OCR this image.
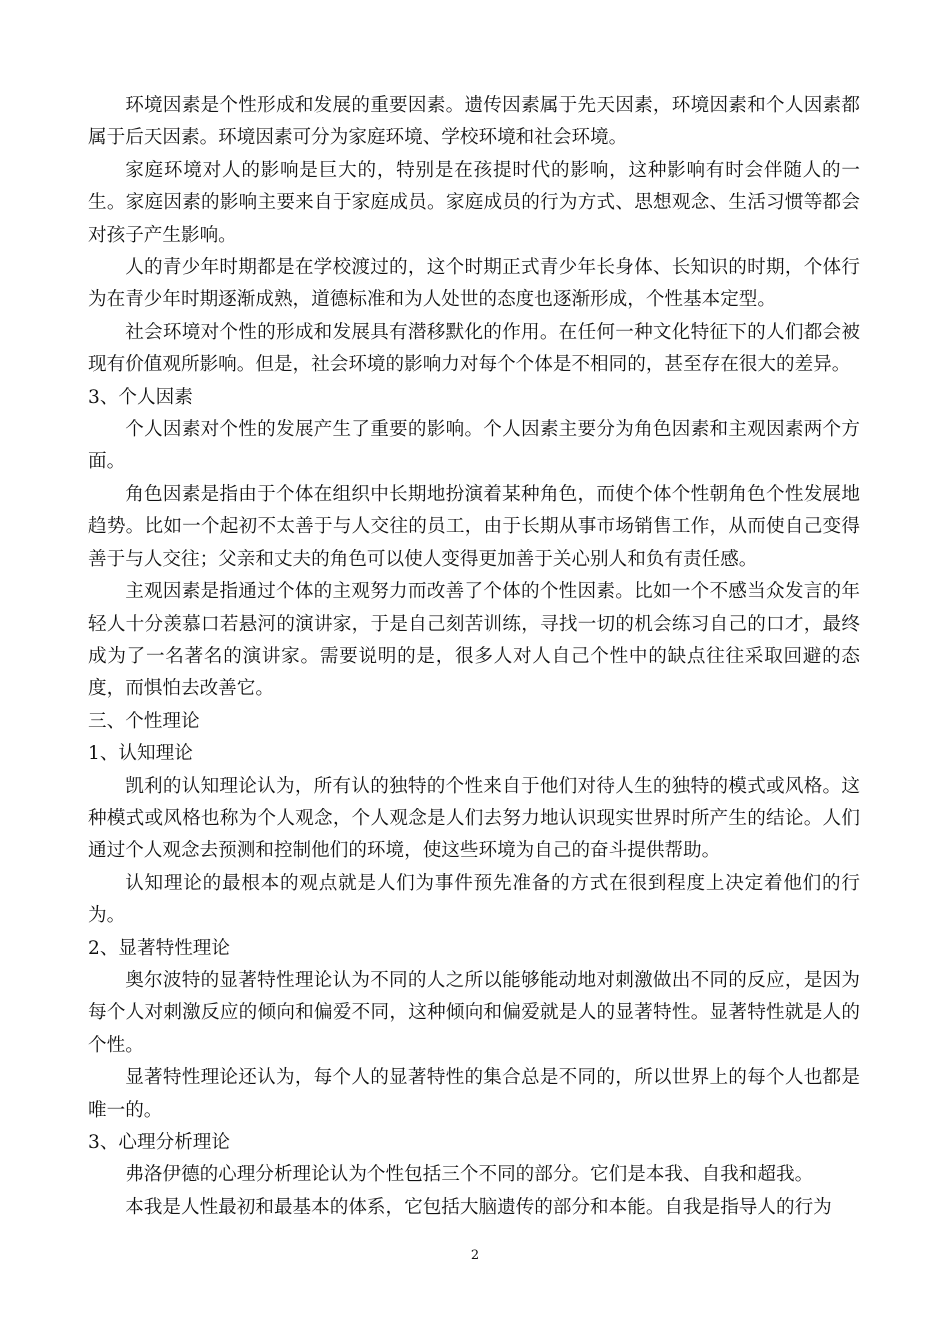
环境因素是个性形成和发展的重要因素。遗传因素属于先天因素，环境因素和个人因素都属于后天因素。环境因素可分为家庭环境、学校环境和社会环境。

家庭环境对人的影响是巨大的，特别是在孩提时代的影响，这种影响有时会伴随人的一生。家庭因素的影响主要来自于家庭成员。家庭成员的行为方式、思想观念、生活习惯等都会对孩子产生影响。

人的青少年时期都是在学校渡过的，这个时期正式青少年长身体、长知识的时期，个体行为在青少年时期逐渐成熟，道德标准和为人处世的态度也逐渐形成，个性基本定型。

社会环境对个性的形成和发展具有潜移默化的作用。在任何一种文化特征下的人们都会被现有价值观所影响。但是，社会环境的影响力对每个个体是不相同的，甚至存在很大的差异。

3、个人因素

个人因素对个性的发展产生了重要的影响。个人因素主要分为角色因素和主观因素两个方面。

角色因素是指由于个体在组织中长期地扮演着某种角色，而使个体个性朝角色个性发展地趋势。比如一个起初不太善于与人交往的员工，由于长期从事市场销售工作，从而使自己变得善于与人交往；父亲和丈夫的角色可以使人变得更加善于关心别人和负有责任感。

主观因素是指通过个体的主观努力而改善了个体的个性因素。比如一个不感当众发言的年轻人十分羡慕口若悬河的演讲家，于是自己刻苦训练，寻找一切的机会练习自己的口才，最终成为了一名著名的演讲家。需要说明的是，很多人对人自己个性中的缺点往往采取回避的态度，而惧怕去改善它。

三、个性理论

1、认知理论

凯利的认知理论认为，所有认的独特的个性来自于他们对待人生的独特的模式或风格。这种模式或风格也称为个人观念，个人观念是人们去努力地认识现实世界时所产生的结论。人们通过个人观念去预测和控制他们的环境，使这些环境为自己的奋斗提供帮助。

认知理论的最根本的观点就是人们为事件预先准备的方式在很到程度上决定着他们的行为。

2、显著特性理论

奥尔波特的显著特性理论认为不同的人之所以能够能动地对刺激做出不同的反应，是因为每个人对刺激反应的倾向和偏爱不同，这种倾向和偏爱就是人的显著特性。显著特性就是人的个性。

显著特性理论还认为，每个人的显著特性的集合总是不同的，所以世界上的每个人也都是唯一的。

3、心理分析理论

弗洛伊德的心理分析理论认为个性包括三个不同的部分。它们是本我、自我和超我。

本我是人性最初和最基本的体系，它包括大脑遗传的部分和本能。自我是指导人的行为

2
